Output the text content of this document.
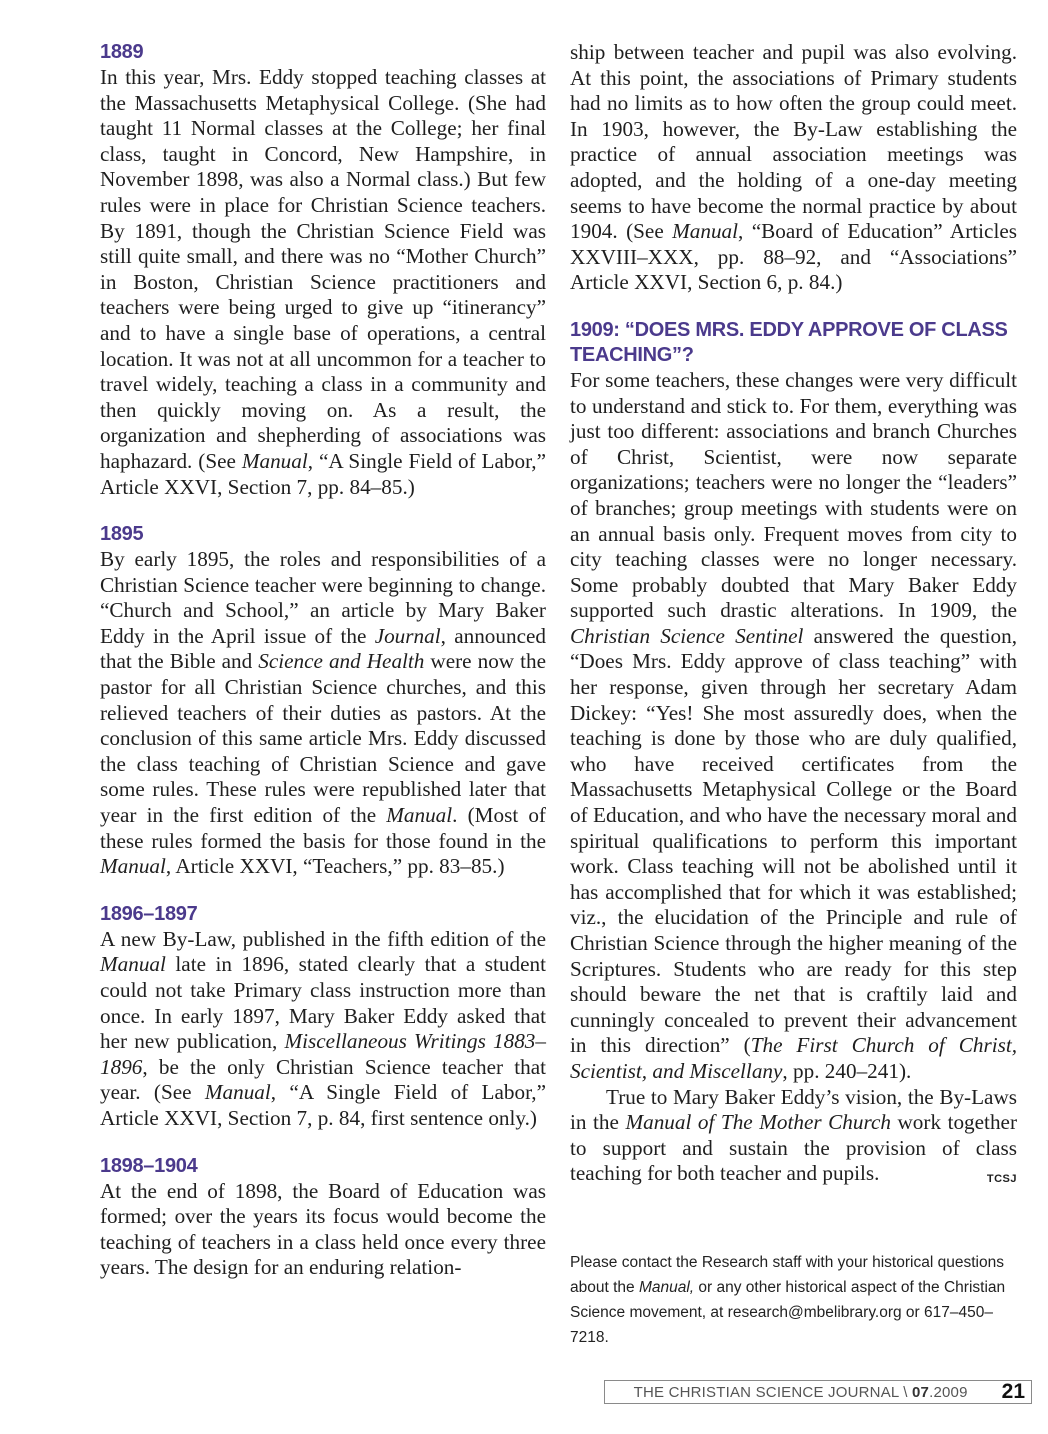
1889

In this year, Mrs. Eddy stopped teaching classes at the Massachusetts Metaphysical College. (She had taught 11 Normal classes at the College; her final class, taught in Concord, New Hampshire, in November 1898, was also a Normal class.) But few rules were in place for Christian Science teachers. By 1891, though the Christian Science Field was still quite small, and there was no “Mother Church” in Boston, Christian Science practitioners and teachers were being urged to give up “itinerancy” and to have a single base of operations, a central location. It was not at all uncommon for a teacher to travel widely, teaching a class in a community and then quickly moving on. As a result, the organization and shepherding of associations was haphazard. (See Manual, “A Single Field of Labor,” Article XXVI, Section 7, pp. 84–85.)

1895

By early 1895, the roles and responsibilities of a Christian Science teacher were beginning to change. “Church and School,” an article by Mary Baker Eddy in the April issue of the Journal, announced that the Bible and Science and Health were now the pastor for all Christian Science churches, and this relieved teachers of their duties as pastors. At the conclusion of this same article Mrs. Eddy discussed the class teaching of Christian Science and gave some rules. These rules were republished later that year in the first edition of the Manual. (Most of these rules formed the basis for those found in the Manual, Article XXVI, “Teachers,” pp. 83–85.)

1896–1897

A new By-Law, published in the fifth edition of the Manual late in 1896, stated clearly that a student could not take Primary class instruction more than once. In early 1897, Mary Baker Eddy asked that her new publication, Miscellaneous Writings 1883–1896, be the only Christian Science teacher that year. (See Manual, “A Single Field of Labor,” Article XXVI, Section 7, p. 84, first sentence only.)

1898–1904

At the end of 1898, the Board of Education was formed; over the years its focus would become the teaching of teachers in a class held once every three years. The design for an enduring relation-

ship between teacher and pupil was also evolving. At this point, the associations of Primary students had no limits as to how often the group could meet. In 1903, however, the By-Law establishing the practice of annual association meetings was adopted, and the holding of a one-day meeting seems to have become the normal practice by about 1904. (See Manual, “Board of Education” Articles XXVIII–XXX, pp. 88–92, and “Associations” Article XXVI, Section 6, p. 84.)

1909: “DOES MRS. EDDY APPROVE OF CLASS TEACHING”?

For some teachers, these changes were very difficult to understand and stick to. For them, everything was just too different: associations and branch Churches of Christ, Scientist, were now separate organizations; teachers were no longer the “leaders” of branches; group meetings with students were on an annual basis only. Frequent moves from city to city teaching classes were no longer necessary. Some probably doubted that Mary Baker Eddy supported such drastic alterations. In 1909, the Christian Science Sentinel answered the question, “Does Mrs. Eddy approve of class teaching” with her response, given through her secretary Adam Dickey: “Yes! She most assuredly does, when the teaching is done by those who are duly qualified, who have received certificates from the Massachusetts Metaphysical College or the Board of Education, and who have the necessary moral and spiritual qualifications to perform this important work. Class teaching will not be abolished until it has accomplished that for which it was established; viz., the elucidation of the Principle and rule of Christian Science through the higher meaning of the Scriptures. Students who are ready for this step should beware the net that is craftily laid and cunningly concealed to prevent their advancement in this direction” (The First Church of Christ, Scientist, and Miscellany, pp. 240–241).

True to Mary Baker Eddy’s vision, the By-Laws in the Manual of The Mother Church work together to support and sustain the provision of class teaching for both teacher and pupils.	TCSJ

Please contact the Research staff with your historical questions about the Manual, or any other historical aspect of the Christian Science movement, at research@mbelibrary.org or 617–450–7218.
THE CHRISTIAN SCIENCE JOURNAL \ 07.2009 21
